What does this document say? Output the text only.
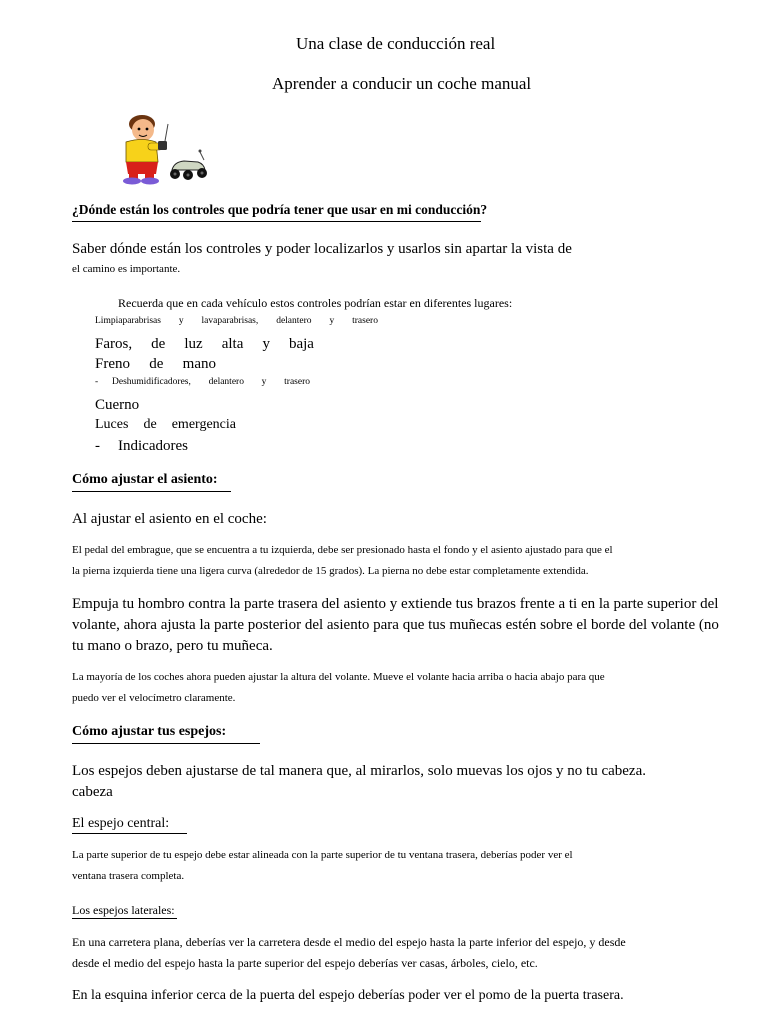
Una clase de conducción real

Aprender a conducir un coche manual

¿Dónde están los controles que podría tener que usar en mi conducción?

Saber dónde están los controles y poder localizarlos y usarlos sin apartar la vista de

el camino es importante.

Recuerda que en cada vehículo estos controles podrían estar en diferentes lugares:

Limpiaparabrisas y lavaparabrisas, delantero y trasero
Faros, de luz alta y baja
Freno de mano
- Deshumidificadores, delantero y trasero

Cuerno

Luces de emergencia
- Indicadores

Cómo ajustar el asiento:

Al ajustar el asiento en el coche:

El pedal del embrague, que se encuentra a tu izquierda, debe ser presionado hasta el fondo y el asiento ajustado para que el

la pierna izquierda tiene una ligera curva (alrededor de 15 grados). La pierna no debe estar completamente extendida.

Empuja tu hombro contra la parte trasera del asiento y extiende tus brazos frente a ti en la parte superior del

volante, ahora ajusta la parte posterior del asiento para que tus muñecas estén sobre el borde del volante (no

tu mano o brazo, pero tu muñeca.

La mayoría de los coches ahora pueden ajustar la altura del volante. Mueve el volante hacia arriba o hacia abajo para que

puedo ver el velocímetro claramente.

Cómo ajustar tus espejos:

Los espejos deben ajustarse de tal manera que, al mirarlos, solo muevas los ojos y no tu cabeza.

cabeza

El espejo central:

La parte superior de tu espejo debe estar alineada con la parte superior de tu ventana trasera, deberías poder ver el

ventana trasera completa.

Los espejos laterales:

En una carretera plana, deberías ver la carretera desde el medio del espejo hasta la parte inferior del espejo, y desde

desde el medio del espejo hasta la parte superior del espejo deberías ver casas, árboles, cielo, etc.

En la esquina inferior cerca de la puerta del espejo deberías poder ver el pomo de la puerta trasera.
